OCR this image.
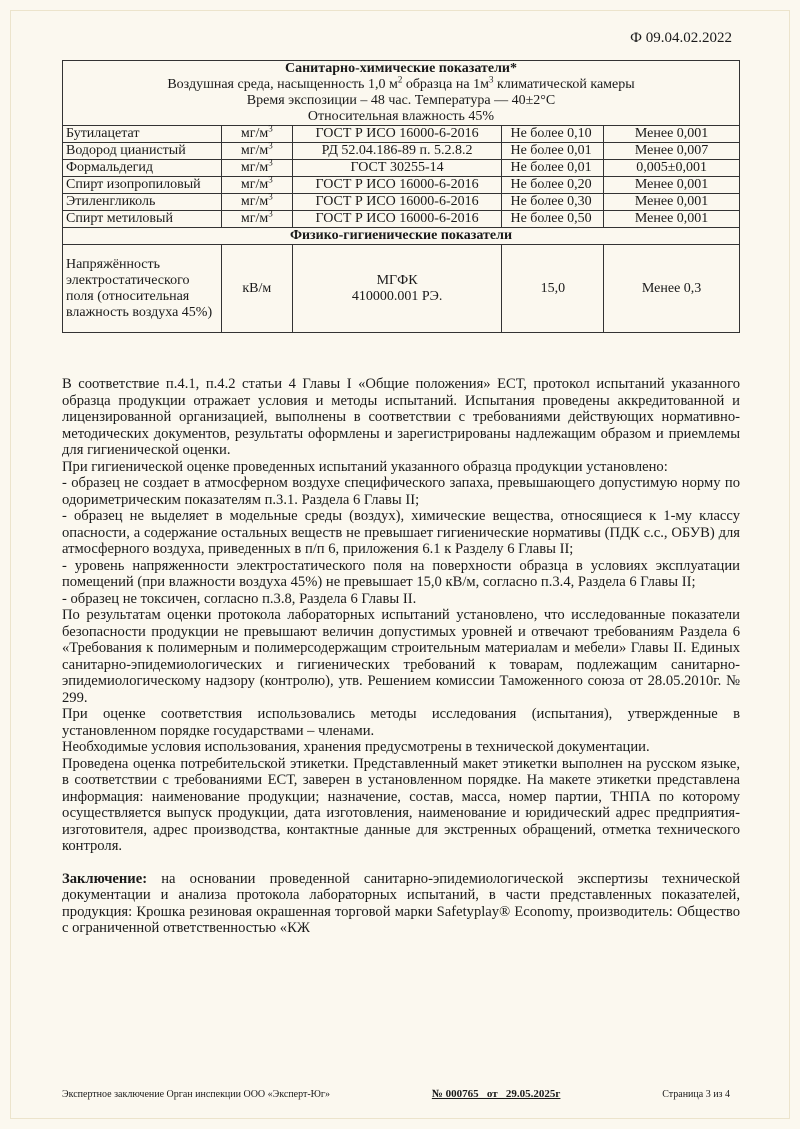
Ф 09.04.02.2022
Санитарно-химические показатели*
Воздушная среда, насыщенность 1,0 $м^2$ образца на $1м^3$ климатической камеры
Время экспозиции – 48 час. Температура — 40±2°С
Относительная влажность 45%				
Бутилацетат	$мг/м^3$	ГОСТ Р ИСО 16000-6-2016	Не более 0,10	Менее 0,001
Водород цианистый	$мг/м^3$	РД 52.04.186-89 п. 5.2.8.2	Не более 0,01	Менее 0,007
Формальдегид	$мг/м^3$	ГОСТ 30255-14	Не более 0,01	0,005±0,001
Спирт изопропиловый	$мг/м^3$	ГОСТ Р ИСО 16000-6-2016	Не более 0,20	Менее 0,001
Этиленгликоль	$мг/м^3$	ГОСТ Р ИСО 16000-6-2016	Не более 0,30	Менее 0,001
Спирт метиловый	$мг/м^3$	ГОСТ Р ИСО 16000-6-2016	Не более 0,50	Менее 0,001
Физико-гигиенические показатели				
Напряжённость электростатического поля (относительная влажность воздуха 45%)	кВ/м	МГФК 410000.001 РЭ.	15,0	Менее 0,3

В соответствие п.4.1, п.4.2 статьи 4 Главы I «Общие положения» ЕСТ, протокол испытаний указанного образца продукции отражает условия и методы испытаний. Испытания проведены аккредитованной и лицензированной организацией, выполнены в соответствии с требованиями действующих нормативно-методических документов, результаты оформлены и зарегистрированы надлежащим образом и приемлемы для гигиенической оценки.

При гигиенической оценке проведенных испытаний указанного образца продукции установлено:

- образец не создает в атмосферном воздухе специфического запаха, превышающего допустимую норму по одориметрическим показателям п.3.1. Раздела 6 Главы II;

- образец не выделяет в модельные среды (воздух), химические вещества, относящиеся к 1-му классу опасности, а содержание остальных веществ не превышает гигиенические нормативы (ПДК с.с., ОБУВ) для атмосферного воздуха, приведенных в п/п 6, приложения 6.1 к Разделу 6 Главы II;

- уровень напряженности электростатического поля на поверхности образца в условиях эксплуатации помещений (при влажности воздуха 45%) не превышает 15,0 кВ/м, согласно п.3.4, Раздела 6 Главы II;

- образец не токсичен, согласно п.3.8, Раздела 6 Главы II.

По результатам оценки протокола лабораторных испытаний установлено, что исследованные показатели безопасности продукции не превышают величин допустимых уровней и отвечают требованиям Раздела 6 «Требования к полимерным и полимерсодержащим строительным материалам и мебели» Главы II. Единых санитарно-эпидемиологических и гигиенических требований к товарам, подлежащим санитарно-эпидемиологическому надзору (контролю), утв. Решением комиссии Таможенного союза от 28.05.2010г. № 299.

При оценке соответствия использовались методы исследования (испытания), утвержденные в установленном порядке государствами – членами.

Необходимые условия использования, хранения предусмотрены в технической документации.

Проведена оценка потребительской этикетки. Представленный макет этикетки выполнен на русском языке, в соответствии с требованиями ЕСТ, заверен в установленном порядке. На макете этикетки представлена информация: наименование продукции; назначение, состав, масса, номер партии, ТНПА по которому осуществляется выпуск продукции, дата изготовления, наименование и юридический адрес предприятия-изготовителя, адрес производства, контактные данные для экстренных обращений, отметка технического контроля.

Заключение: на основании проведенной санитарно-эпидемиологической экспертизы технической документации и анализа протокола лабораторных испытаний, в части представленных показателей, продукция: Крошка резиновая окрашенная торговой марки Safetyplay® Economy, производитель: Общество с ограниченной ответственностью «КЖ

Экспертное заключение Орган инспекции ООО «Эксперт-Юг»	№ 000765   от   29.05.2025г	Страница 3 из 4
